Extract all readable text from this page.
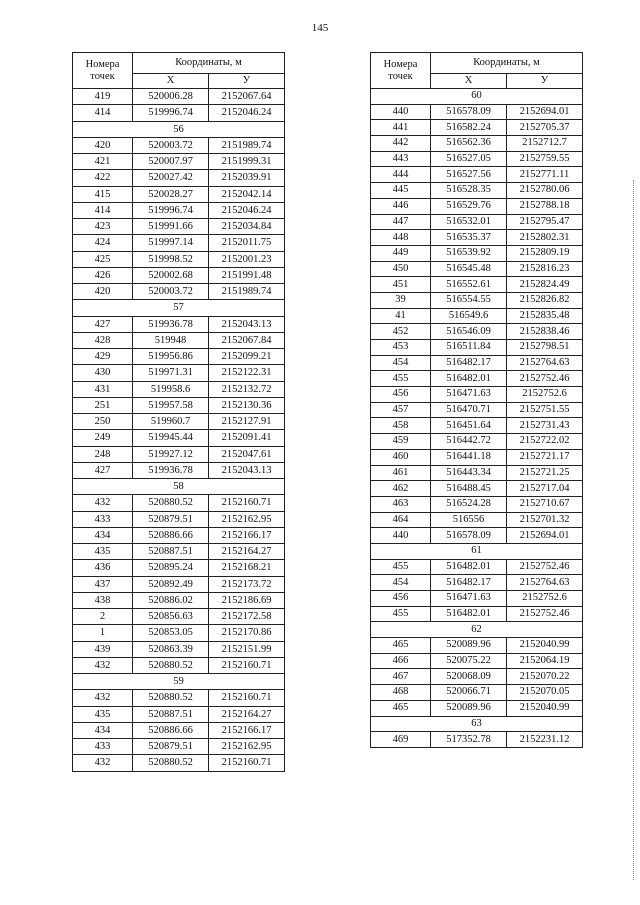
145
Номера точек	Координаты, м	
	Х	У
419	520006.28	2152067.64
414	519996.74	2152046.24
56		
420	520003.72	2151989.74
421	520007.97	2151999.31
422	520027.42	2152039.91
415	520028.27	2152042.14
414	519996.74	2152046.24
423	519991.66	2152034.84
424	519997.14	2152011.75
425	519998.52	2152001.23
426	520002.68	2151991.48
420	520003.72	2151989.74
57		
427	519936.78	2152043.13
428	519948	2152067.84
429	519956.86	2152099.21
430	519971.31	2152122.31
431	519958.6	2152132.72
251	519957.58	2152130.36
250	519960.7	2152127.91
249	519945.44	2152091.41
248	519927.12	2152047.61
427	519936.78	2152043.13
58		
432	520880.52	2152160.71
433	520879.51	2152162.95
434	520886.66	2152166.17
435	520887.51	2152164.27
436	520895.24	2152168.21
437	520892.49	2152173.72
438	520886.02	2152186.69
2	520856.63	2152172.58
1	520853.05	2152170.86
439	520863.39	2152151.99
432	520880.52	2152160.71
59		
432	520880.52	2152160.71
435	520887.51	2152164.27
434	520886.66	2152166.17
433	520879.51	2152162.95
432	520880.52	2152160.71
Номера точек	Координаты, м	
	Х	У
60		
440	516578.09	2152694.01
441	516582.24	2152705.37
442	516562.36	2152712.7
443	516527.05	2152759.55
444	516527.56	2152771.11
445	516528.35	2152780.06
446	516529.76	2152788.18
447	516532.01	2152795.47
448	516535.37	2152802.31
449	516539.92	2152809.19
450	516545.48	2152816.23
451	516552.61	2152824.49
39	516554.55	2152826.82
41	516549.6	2152835.48
452	516546.09	2152838.46
453	516511.84	2152798.51
454	516482.17	2152764.63
455	516482.01	2152752.46
456	516471.63	2152752.6
457	516470.71	2152751.55
458	516451.64	2152731.43
459	516442.72	2152722.02
460	516441.18	2152721.17
461	516443.34	2152721.25
462	516488.45	2152717.04
463	516524.28	2152710.67
464	516556	2152701.32
440	516578.09	2152694.01
61		
455	516482.01	2152752.46
454	516482.17	2152764.63
456	516471.63	2152752.6
455	516482.01	2152752.46
62		
465	520089.96	2152040.99
466	520075.22	2152064.19
467	520068.09	2152070.22
468	520066.71	2152070.05
465	520089.96	2152040.99
63		
469	517352.78	2152231.12
